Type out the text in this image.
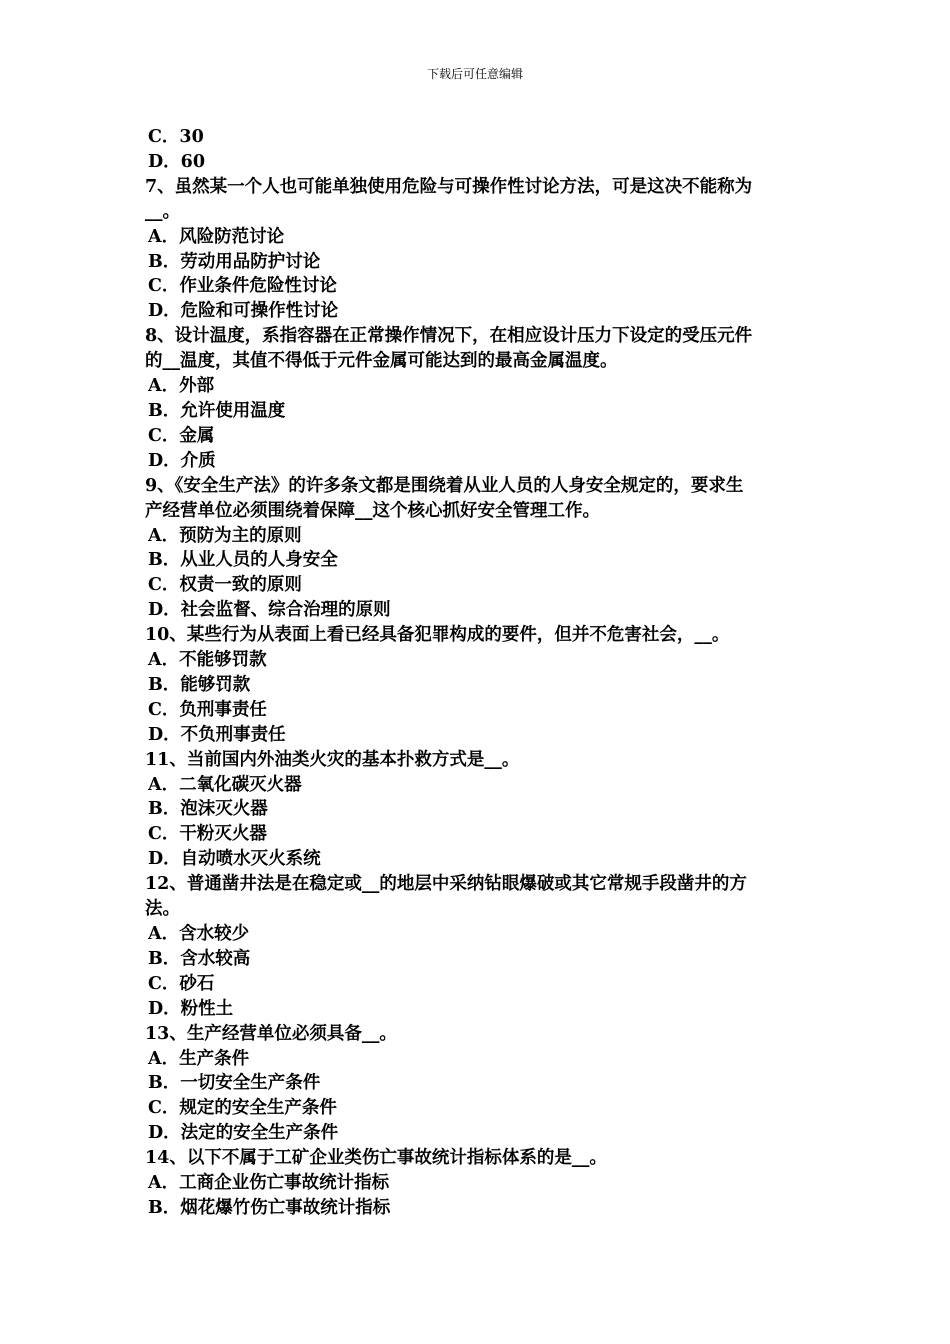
下载后可任意编辑
C．30
D．60
7、虽然某一个人也可能单独使用危险与可操作性讨论方法，可是这决不能称为
__。
A．风险防范讨论
B．劳动用品防护讨论
C．作业条件危险性讨论
D．危险和可操作性讨论
8、设计温度，系指容器在正常操作情况下，在相应设计压力下设定的受压元件
的__温度，其值不得低于元件金属可能达到的最高金属温度。
A．外部
B．允许使用温度
C．金属
D．介质
9、《安全生产法》的许多条文都是围绕着从业人员的人身安全规定的，要求生
产经营单位必须围绕着保障__这个核心抓好安全管理工作。
A．预防为主的原则
B．从业人员的人身安全
C．权责一致的原则
D．社会监督、综合治理的原则
10、某些行为从表面上看已经具备犯罪构成的要件，但并不危害社会，__。
A．不能够罚款
B．能够罚款
C．负刑事责任
D．不负刑事责任
11、当前国内外油类火灾的基本扑救方式是__。
A．二氧化碳灭火器
B．泡沫灭火器
C．干粉灭火器
D．自动喷水灭火系统
12、普通凿井法是在稳定或__的地层中采纳钻眼爆破或其它常规手段凿井的方
法。
A．含水较少
B．含水较高
C．砂石
D．粉性土
13、生产经营单位必须具备__。
A．生产条件
B．一切安全生产条件
C．规定的安全生产条件
D．法定的安全生产条件
14、以下不属于工矿企业类伤亡事故统计指标体系的是__。
A．工商企业伤亡事故统计指标
B．烟花爆竹伤亡事故统计指标
